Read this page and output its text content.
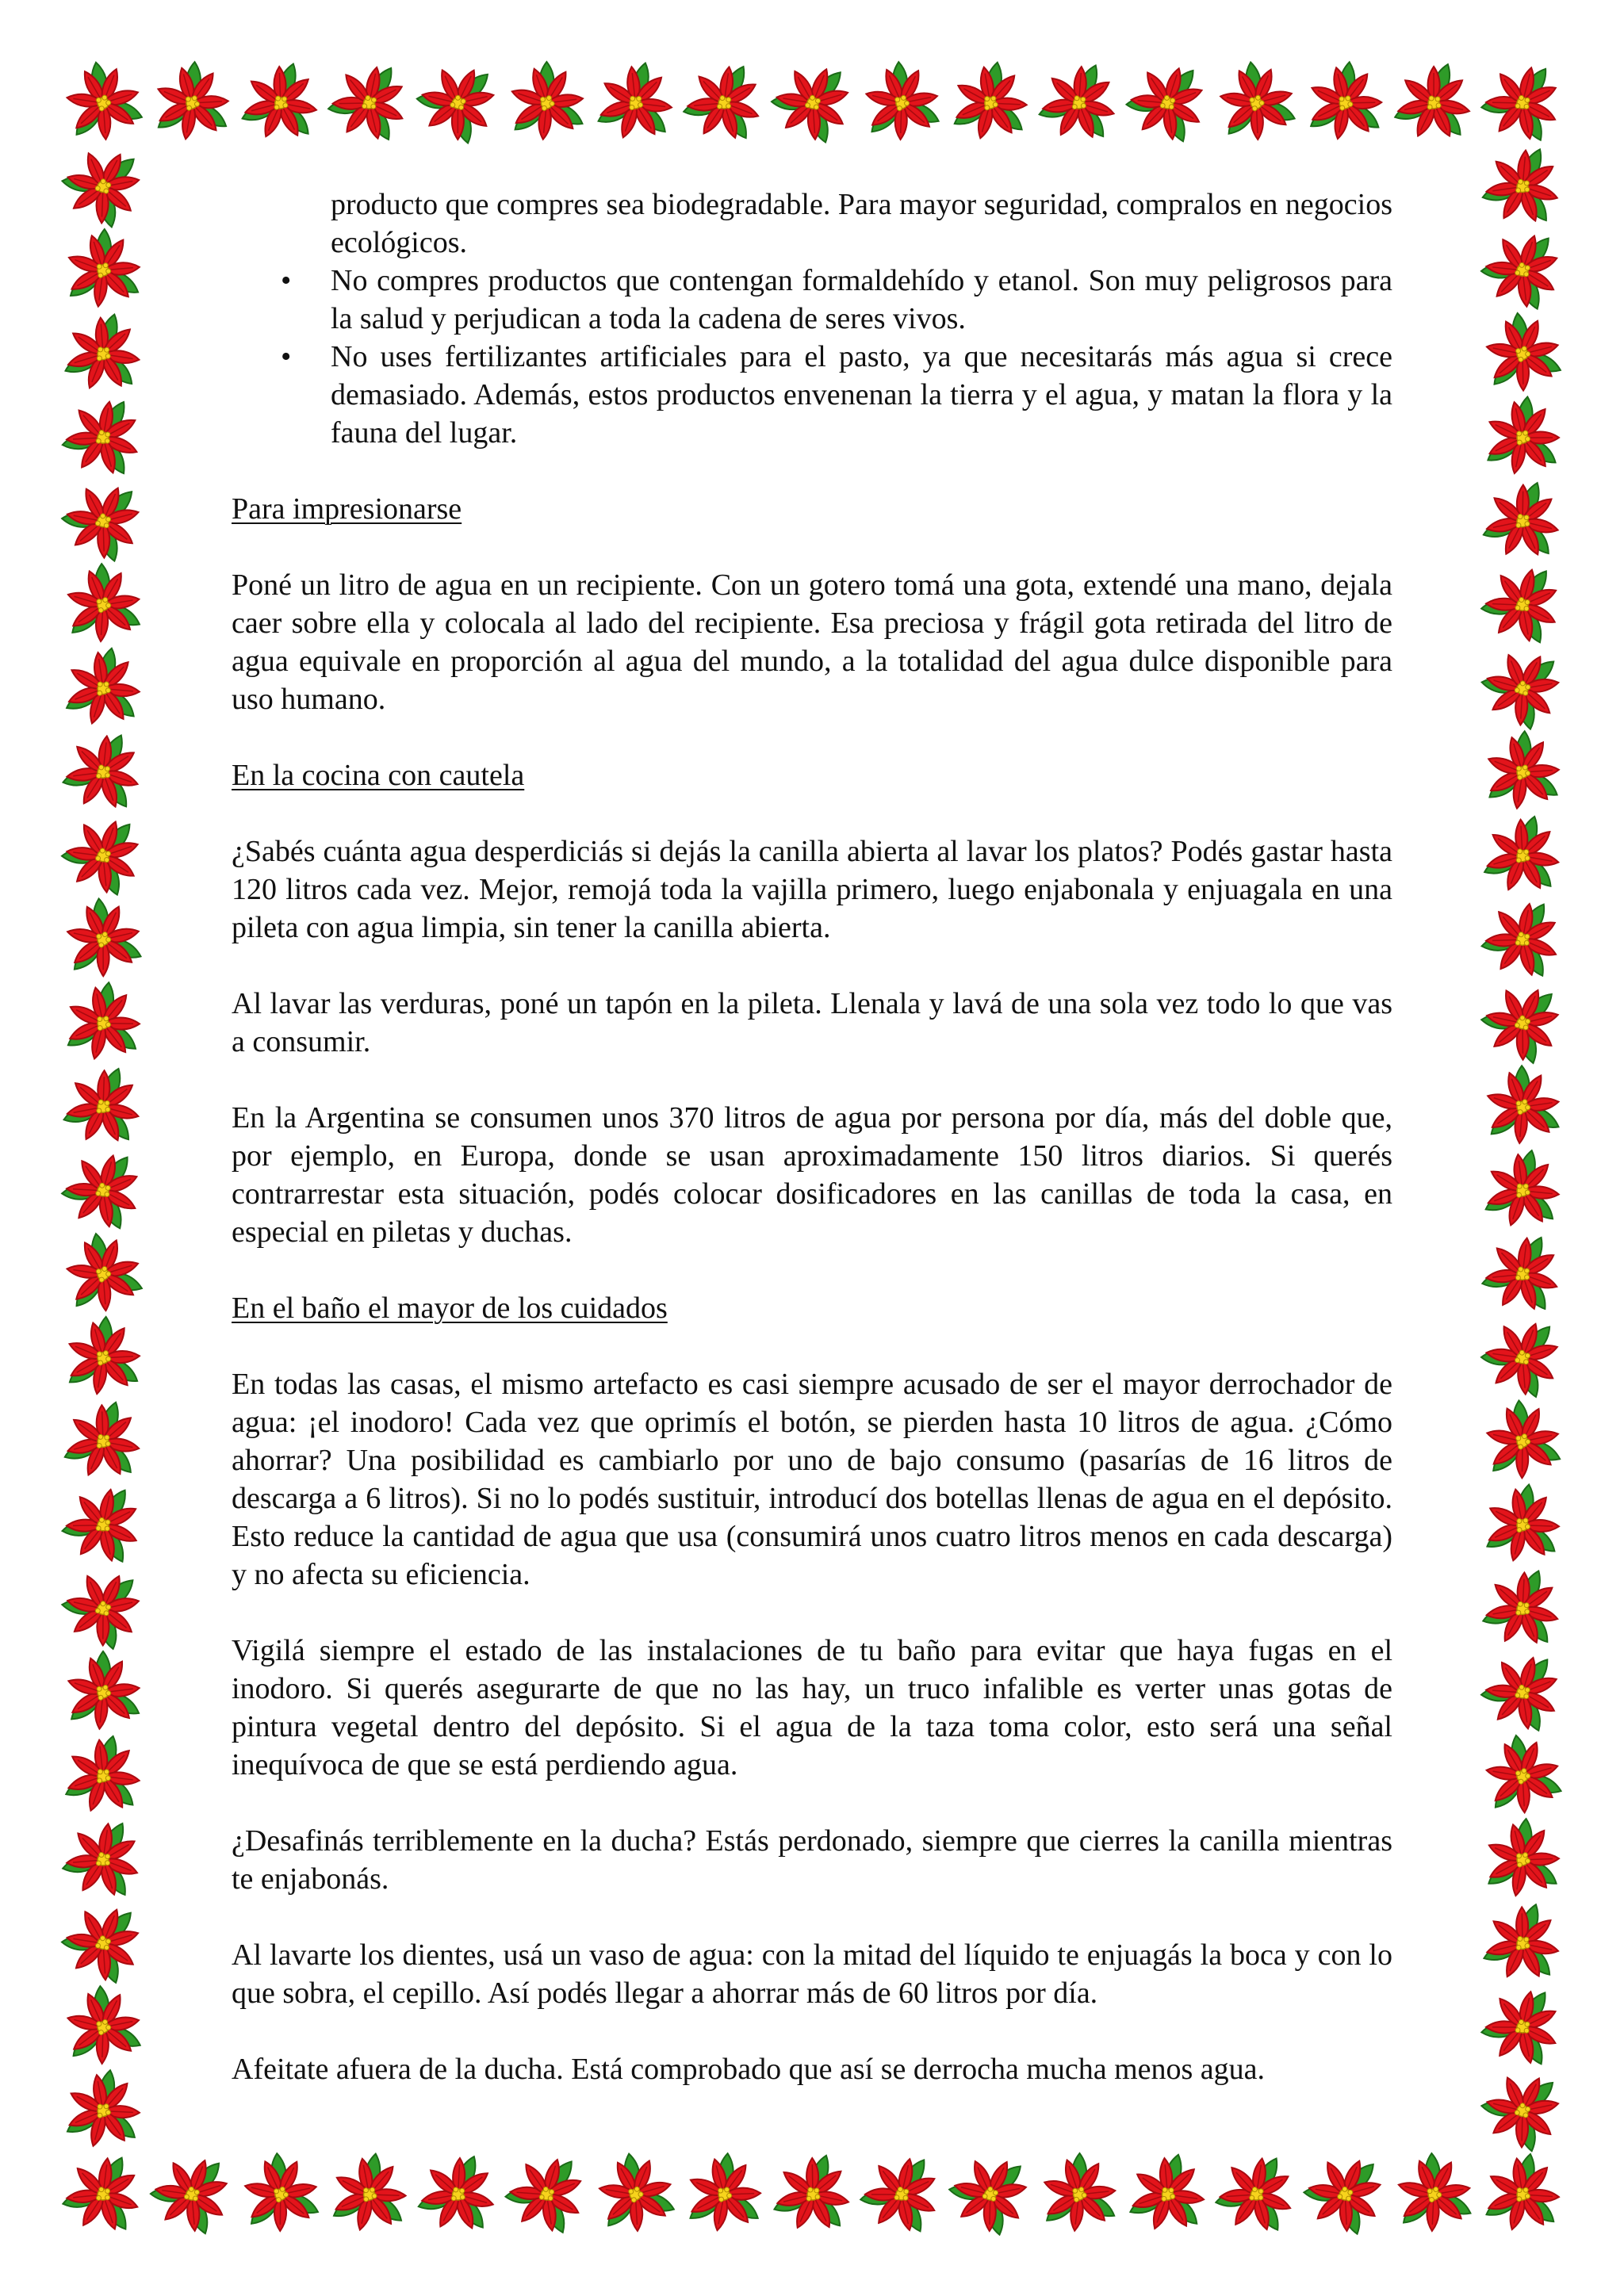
producto que compres sea biodegradable. Para mayor seguridad, compralos en negocios ecológicos.
• No compres productos que contengan formaldehído y etanol. Son muy peligrosos para la salud y perjudican a toda la cadena de seres vivos.
• No uses fertilizantes artificiales para el pasto, ya que necesitarás más agua si crece demasiado. Además, estos productos envenenan la tierra y el agua, y matan la flora y la fauna del lugar.

Para impresionarse

Poné un litro de agua en un recipiente. Con un gotero tomá una gota, extendé una mano, dejala caer sobre ella y colocala al lado del recipiente. Esa preciosa y frágil gota retirada del litro de agua equivale en proporción al agua del mundo, a la totalidad del agua dulce disponible para uso humano.

En la cocina con cautela

¿Sabés cuánta agua desperdiciás si dejás la canilla abierta al lavar los platos? Podés gastar hasta 120 litros cada vez. Mejor, remojá toda la vajilla primero, luego enjabonala y enjuagala en una pileta con agua limpia, sin tener la canilla abierta.

Al lavar las verduras, poné un tapón en la pileta. Llenala y lavá de una sola vez todo lo que vas a consumir.

En la Argentina se consumen unos 370 litros de agua por persona por día, más del doble que, por ejemplo, en Europa, donde se usan aproximadamente 150 litros diarios. Si querés contrarrestar esta situación, podés colocar dosificadores en las canillas de toda la casa, en especial en piletas y duchas.

En el baño el mayor de los cuidados

En todas las casas, el mismo artefacto es casi siempre acusado de ser el mayor derrochador de agua: ¡el inodoro! Cada vez que oprimís el botón, se pierden hasta 10 litros de agua. ¿Cómo ahorrar? Una posibilidad es cambiarlo por uno de bajo consumo (pasarías de 16 litros de descarga a 6 litros). Si no lo podés sustituir, introducí dos botellas llenas de agua en el depósito. Esto reduce la cantidad de agua que usa (consumirá unos cuatro litros menos en cada descarga) y no afecta su eficiencia.

Vigilá siempre el estado de las instalaciones de tu baño para evitar que haya fugas en el inodoro. Si querés asegurarte de que no las hay, un truco infalible es verter unas gotas de pintura vegetal dentro del depósito. Si el agua de la taza toma color, esto será una señal inequívoca de que se está perdiendo agua.

¿Desafinás terriblemente en la ducha? Estás perdonado, siempre que cierres la canilla mientras te enjabonás.

Al lavarte los dientes, usá un vaso de agua: con la mitad del líquido te enjuagás la boca y con lo que sobra, el cepillo. Así podés llegar a ahorrar más de 60 litros por día.

Afeitate afuera de la ducha. Está comprobado que así se derrocha mucha menos agua.
